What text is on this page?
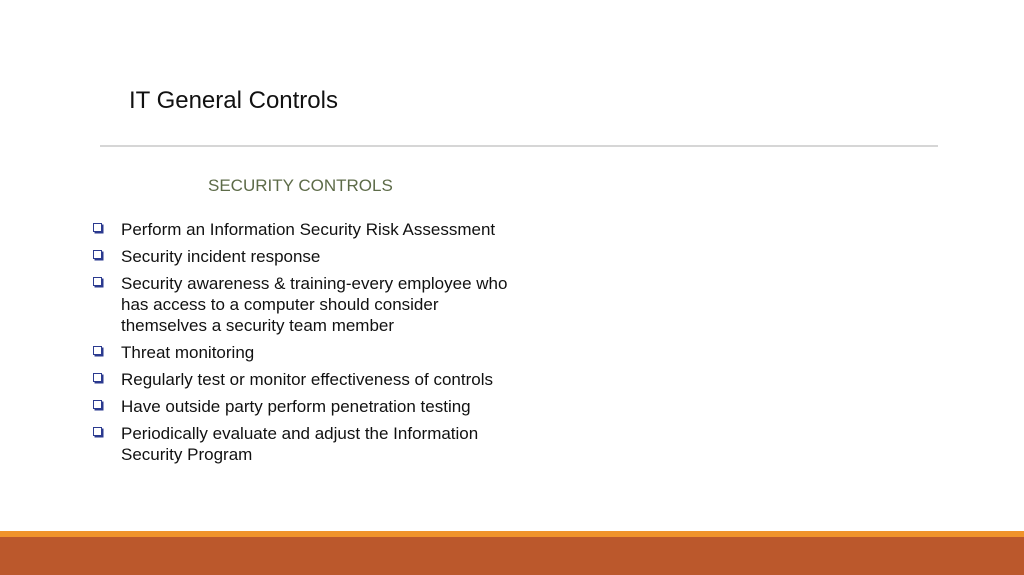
IT General Controls
SECURITY CONTROLS
Perform an Information Security Risk Assessment
Security incident response
Security awareness & training-every employee who has access to a computer should consider themselves a security team member
Threat monitoring
Regularly test or monitor effectiveness of controls
Have outside party perform penetration testing
Periodically evaluate and adjust the Information Security Program
